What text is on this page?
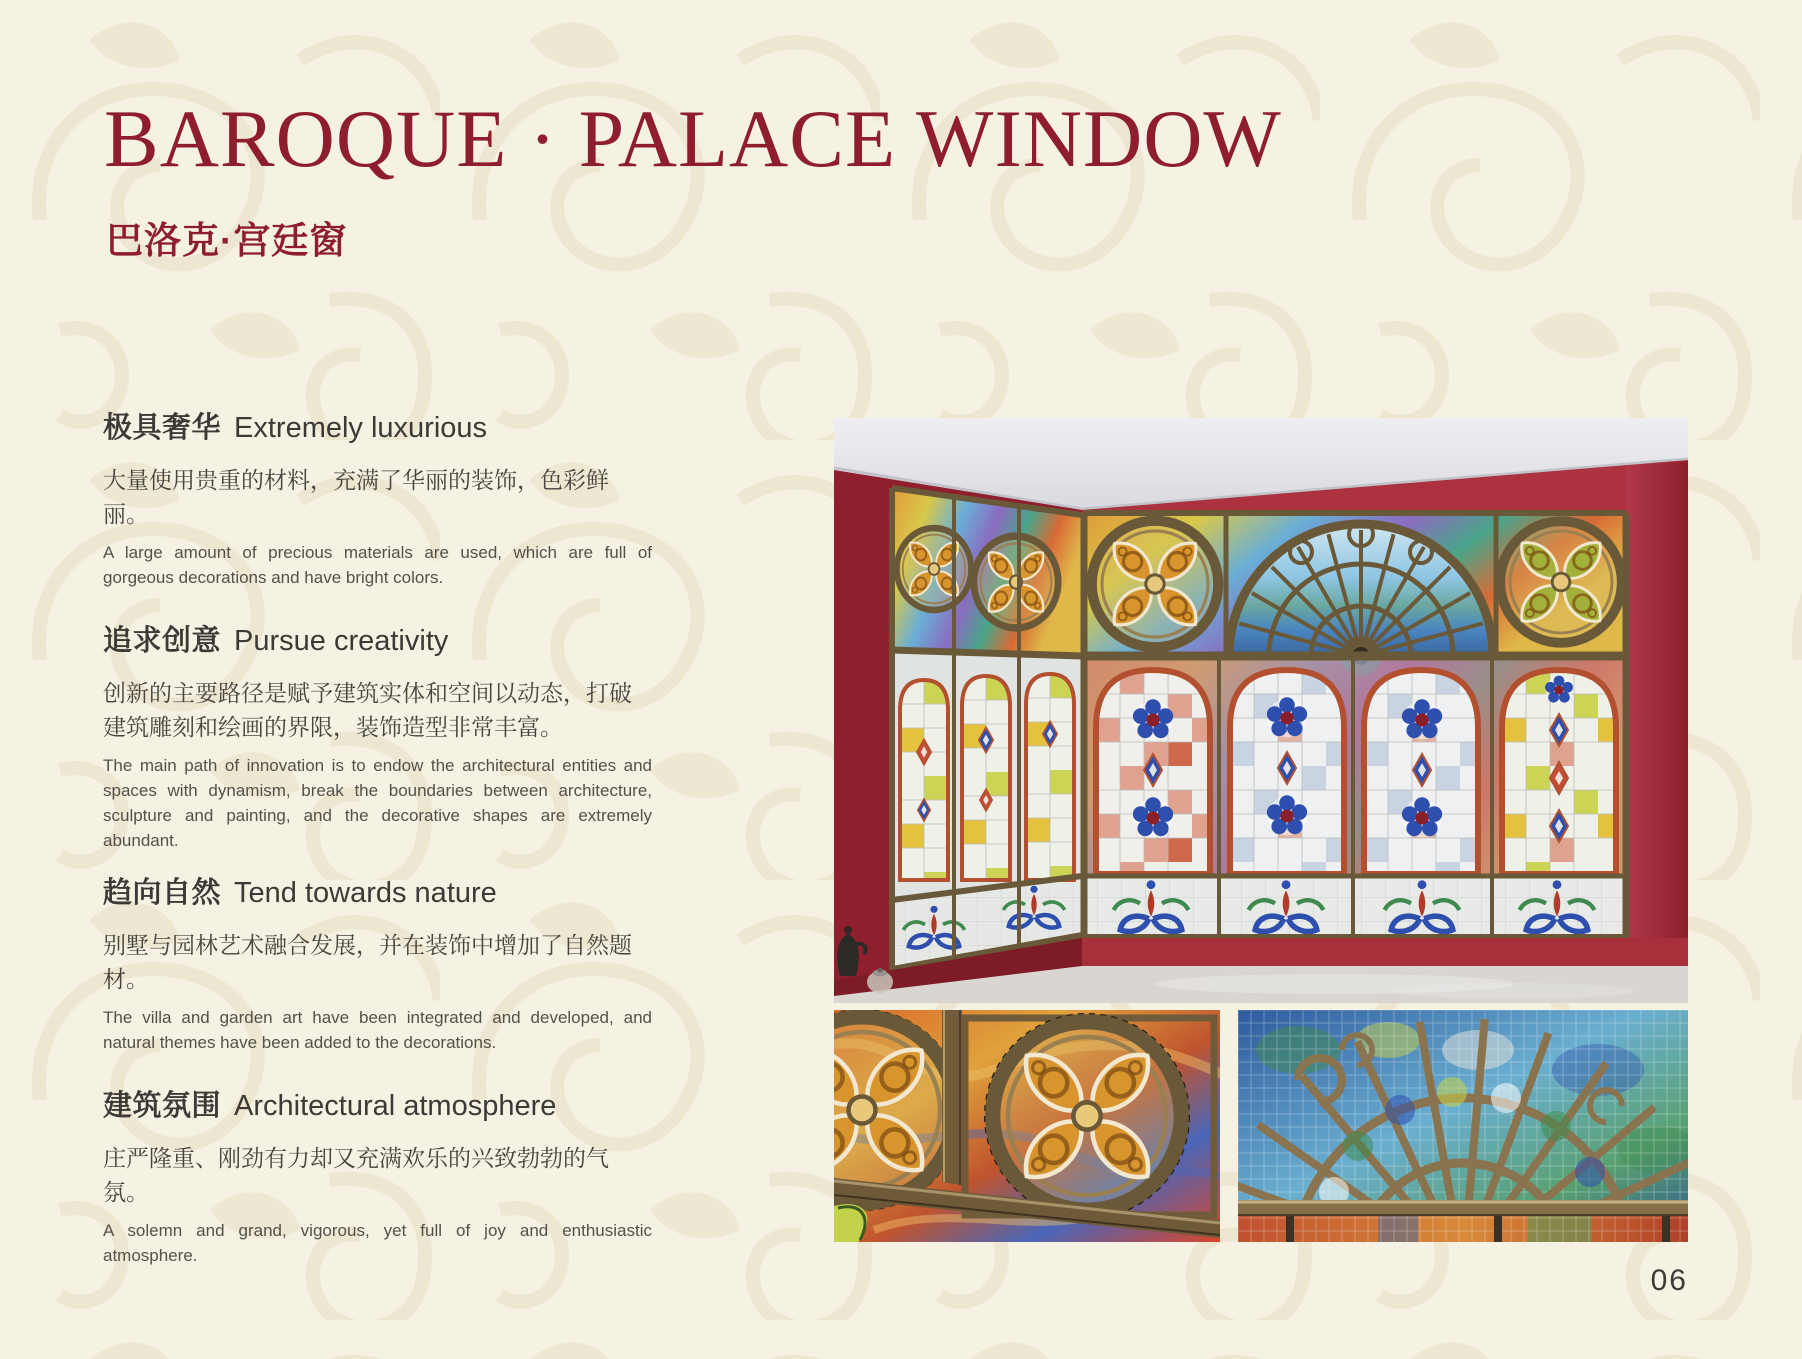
BAROQUE · PALACE WINDOW
巴洛克·宫廷窗
极具奢华 Extremely luxurious

大量使用贵重的材料，充满了华丽的装饰，色彩鲜丽。

A large amount of precious materials are used, which are full of gorgeous decorations and have bright colors.

追求创意 Pursue creativity

创新的主要路径是赋予建筑实体和空间以动态，打破建筑雕刻和绘画的界限，装饰造型非常丰富。

The main path of innovation is to endow the architectural entities and spaces with dynamism, break the boundaries between architecture, sculpture and painting, and the decorative shapes are extremely abundant.

趋向自然 Tend towards nature

别墅与园林艺术融合发展，并在装饰中增加了自然题材。

The villa and garden art have been integrated and developed, and natural themes have been added to the decorations.

建筑氛围 Architectural atmosphere

庄严隆重、刚劲有力却又充满欢乐的兴致勃勃的气氛。

A solemn and grand, vigorous, yet full of joy and enthusiastic atmosphere.

06
